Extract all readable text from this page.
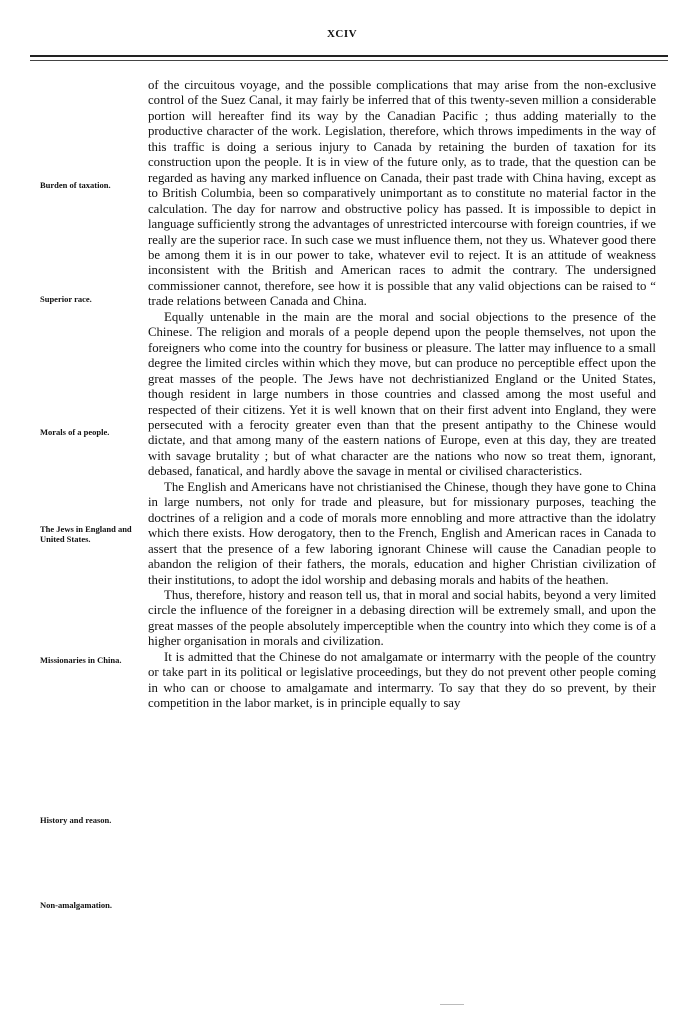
XCIV
Burden of taxation.
Superior race.
Morals of a people.
The Jews in England and United States.
Missionaries in China.
History and reason.
Non-amalgamation.

of the circuitous voyage, and the possible complications that may arise from the non-exclusive control of the Suez Canal, it may fairly be inferred that of this twenty-seven million a considerable portion will hereafter find its way by the Canadian Pacific ; thus adding materially to the productive character of the work. Legislation, therefore, which throws impediments in the way of this traffic is doing a serious injury to Canada by retaining the burden of taxation for its construction upon the people. It is in view of the future only, as to trade, that the question can be regarded as having any marked influence on Canada, their past trade with China having, except as to British Columbia, been so comparatively unimportant as to constitute no material factor in the calculation. The day for narrow and obstructive policy has passed. It is impossible to depict in language sufficiently strong the advantages of unrestricted intercourse with foreign countries, if we really are the superior race. In such case we must influence them, not they us. Whatever good there be among them it is in our power to take, whatever evil to reject. It is an attitude of weakness inconsistent with the British and American races to admit the contrary. The undersigned commissioner cannot, therefore, see how it is possible that any valid objections can be raised to “ trade relations between Canada and China.

Equally untenable in the main are the moral and social objections to the presence of the Chinese. The religion and morals of a people depend upon the people themselves, not upon the foreigners who come into the country for business or pleasure. The latter may influence to a small degree the limited circles within which they move, but can produce no perceptible effect upon the great masses of the people. The Jews have not dechristianized England or the United States, though resident in large numbers in those countries and classed among the most useful and respected of their citizens. Yet it is well known that on their first advent into England, they were persecuted with a ferocity greater even than that the present antipathy to the Chinese would dictate, and that among many of the eastern nations of Europe, even at this day, they are treated with savage brutality ; but of what character are the nations who now so treat them, ignorant, debased, fanatical, and hardly above the savage in mental or civilised characteristics.

The English and Americans have not christianised the Chinese, though they have gone to China in large numbers, not only for trade and pleasure, but for missionary purposes, teaching the doctrines of a religion and a code of morals more ennobling and more attractive than the idolatry which there exists. How derogatory, then to the French, English and American races in Canada to assert that the presence of a few laboring ignorant Chinese will cause the Canadian people to abandon the religion of their fathers, the morals, education and higher Christian civilization of their institutions, to adopt the idol worship and debasing morals and habits of the heathen.

Thus, therefore, history and reason tell us, that in moral and social habits, beyond a very limited circle the influence of the foreigner in a debasing direction will be extremely small, and upon the great masses of the people absolutely imperceptible when the country into which they come is of a higher organisation in morals and civilization.

It is admitted that the Chinese do not amalgamate or intermarry with the people of the country or take part in its political or legislative proceedings, but they do not prevent other people coming in who can or choose to amalgamate and intermarry. To say that they do so prevent, by their competition in the labor market, is in principle equally to say
